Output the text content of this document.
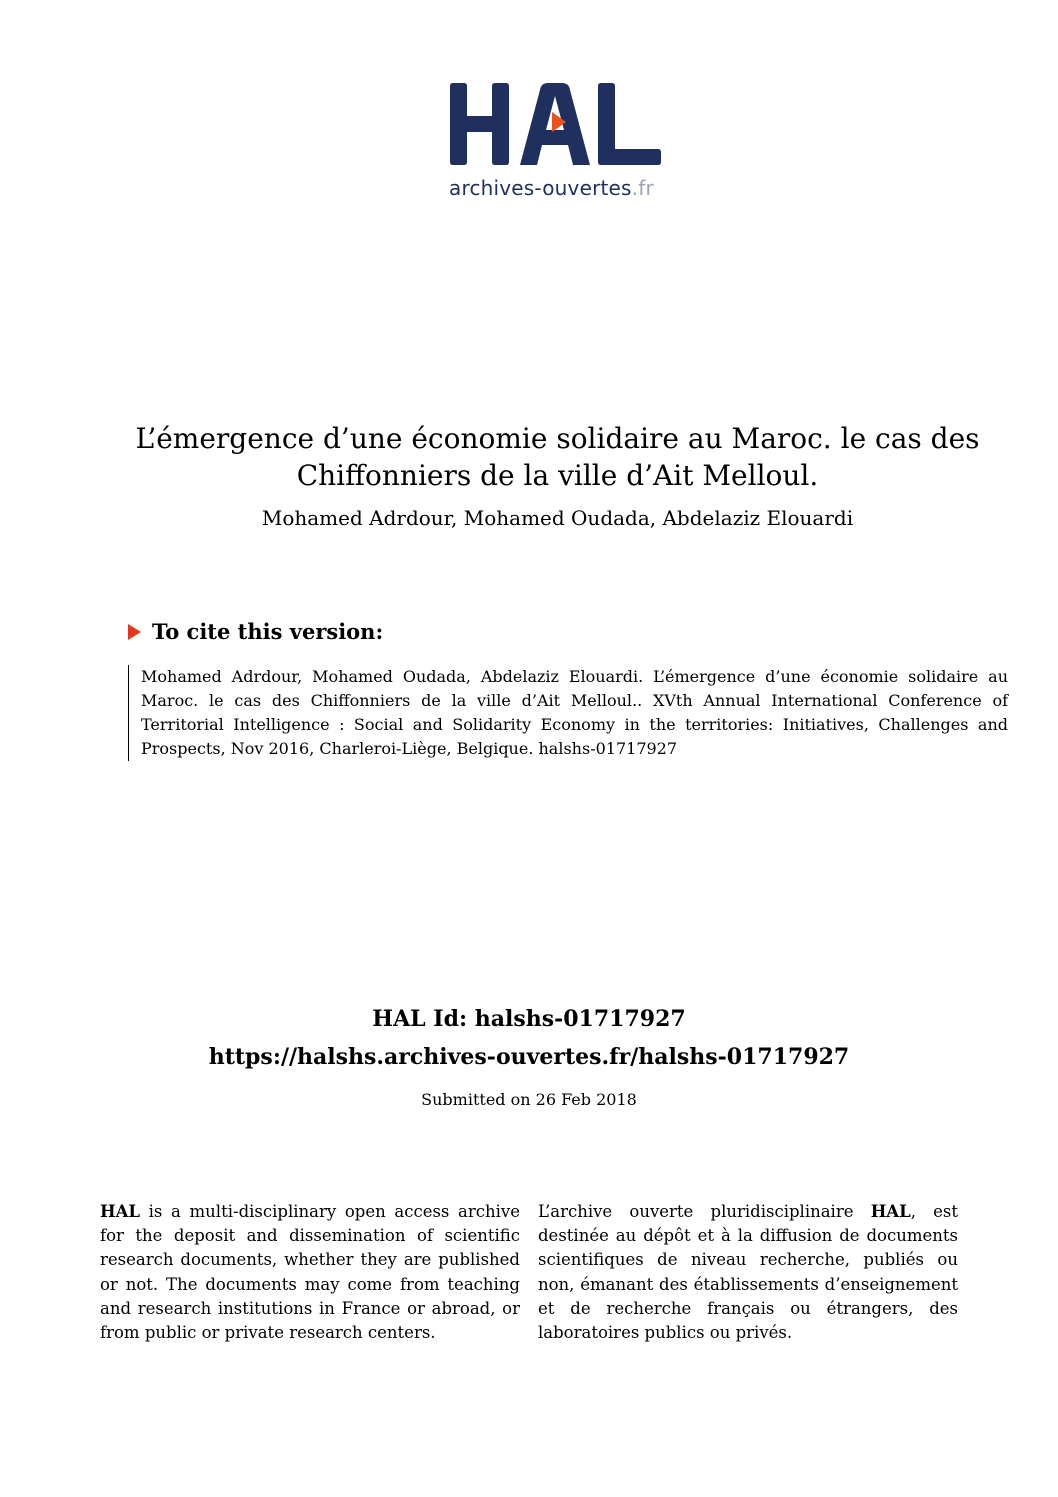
archives-ouvertes.fr
L’émergence d’une économie solidaire au Maroc. le cas des Chiffonniers de la ville d’Ait Melloul.
Mohamed Adrdour, Mohamed Oudada, Abdelaziz Elouardi
To cite this version:
Mohamed Adrdour, Mohamed Oudada, Abdelaziz Elouardi. L’émergence d’une économie solidaire au Maroc. le cas des Chiffonniers de la ville d’Ait Melloul.. XVth Annual International Conference of Territorial Intelligence : Social and Solidarity Economy in the territories: Initiatives, Challenges and Prospects, Nov 2016, Charleroi-Liège, Belgique. halshs-01717927
HAL Id: halshs-01717927
https://halshs.archives-ouvertes.fr/halshs-01717927
Submitted on 26 Feb 2018
HAL is a multi-disciplinary open access archive for the deposit and dissemination of scientific research documents, whether they are published or not. The documents may come from teaching and research institutions in France or abroad, or from public or private research centers.
L’archive ouverte pluridisciplinaire HAL, est destinée au dépôt et à la diffusion de documents scientifiques de niveau recherche, publiés ou non, émanant des établissements d’enseignement et de recherche français ou étrangers, des laboratoires publics ou privés.
